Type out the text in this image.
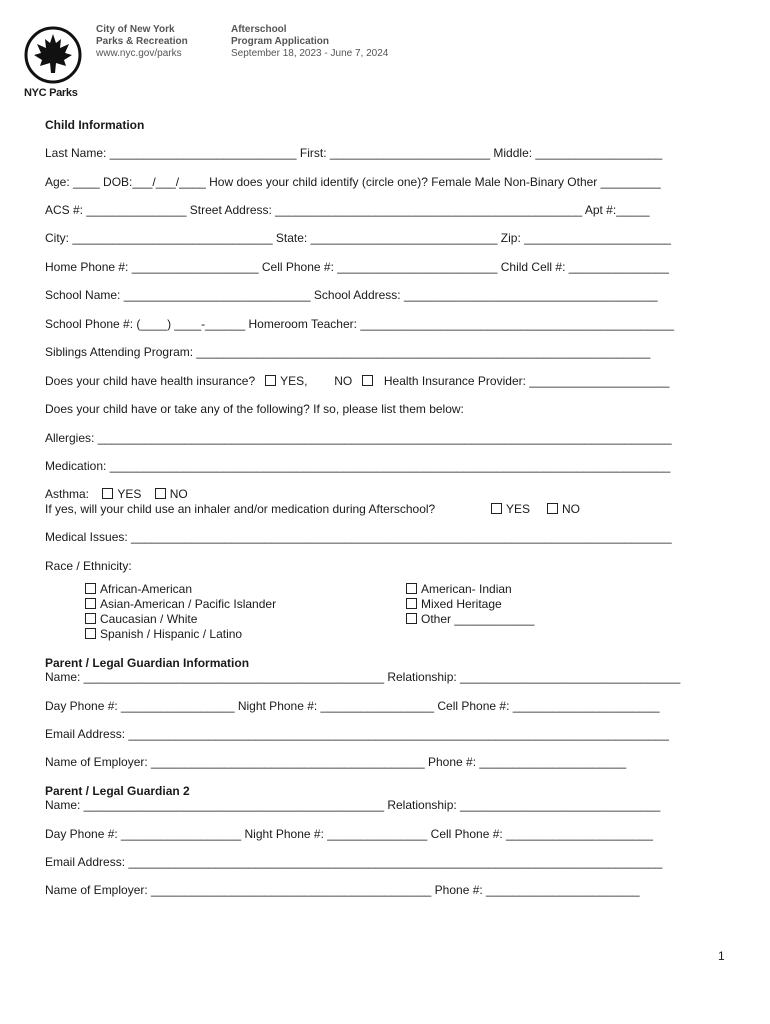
NYC Parks
City of New York
Parks & Recreation
www.nyc.gov/parks
Afterschool
Program Application
September 18, 2023 - June 7, 2024
Child Information
Last Name: ____________________________ First: ________________________ Middle: ___________________
Age: ____ DOB:___/___/____ How does your child identify (circle one)? Female Male Non-Binary Other _________
ACS #: _______________ Street Address: ______________________________________________ Apt #:_____
City: ______________________________ State: ____________________________ Zip: ______________________
Home Phone #: ___________________ Cell Phone #: ________________________ Child Cell #: _______________
School Name: ____________________________ School Address: ______________________________________
School Phone #: (____) ____-______ Homeroom Teacher: _______________________________________________
Siblings Attending Program: ____________________________________________________________________
Does your child have health insurance? YES, NO	Health Insurance Provider: _____________________
Does your child have or take any of the following? If so, please list them below:
Allergies: ______________________________________________________________________________________
Medication: ____________________________________________________________________________________
Asthma: YES NO
If yes, will your child use an inhaler and/or medication during Afterschool?	YES	NO
Medical Issues: _________________________________________________________________________________
Race / Ethnicity:
African-American
Asian-American / Pacific Islander
Caucasian / White
Spanish / Hispanic / Latino
American- Indian
Mixed Heritage
Other ____________
Parent / Legal Guardian Information
Name: _____________________________________________ Relationship: _________________________________
Day Phone #: _________________ Night Phone #: _________________ Cell Phone #: ______________________
Email Address: _________________________________________________________________________________
Name of Employer: _________________________________________ Phone #: ______________________
Parent / Legal Guardian 2
Name: _____________________________________________ Relationship: ______________________________
Day Phone #: __________________ Night Phone #: _______________ Cell Phone #: ______________________
Email Address: ________________________________________________________________________________
Name of Employer: __________________________________________ Phone #: _______________________
1
